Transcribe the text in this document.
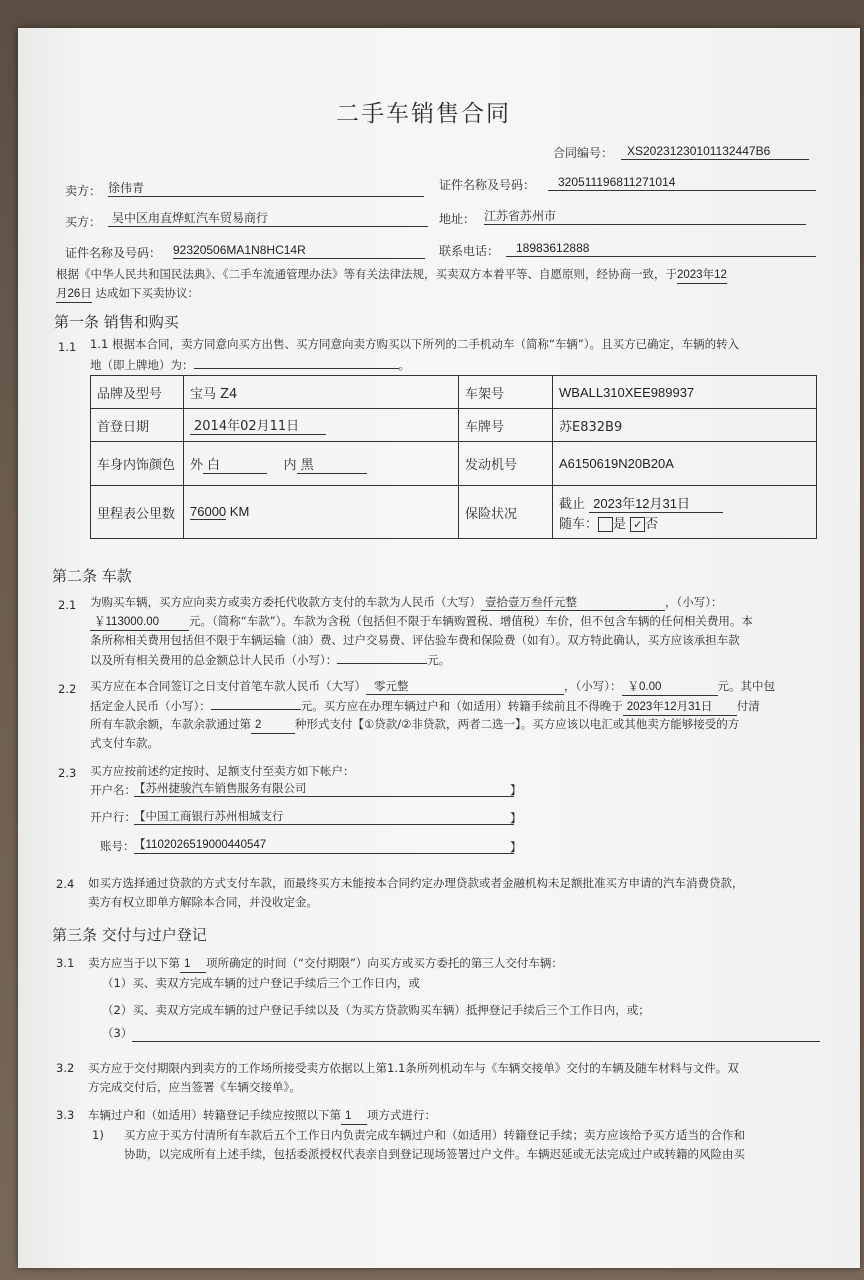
二手车销售合同
合同编号：	XS20231230101132447B6
卖方： 徐伟青	证件名称及号码：	320511196811271014
买方： 吴中区甪直烨虹汽车贸易商行	地址： 江苏省苏州市
证件名称及号码： 92320506MA1N8HC14R	联系电话：	18983612888
根据《中华人民共和国民法典》、《二手车流通管理办法》等有关法律法规，买卖双方本着平等、自愿原则，经协商一致，于2023年12
月26日 达成如下买卖协议：
第一条 销售和购买
1.1 1.1 根据本合同，卖方同意向买方出售、买方同意向卖方购买以下所列的二手机动车（简称“车辆”）。且买方已确定，车辆的转入
地（即上牌地）为：	。
品牌及型号	宝马 Z4	车架号	WBALL310XEE989937
首登日期	2014年02月11日	车牌号	苏E832B9
车身内饰颜色	外 白 内 黑	发动机号	A6150619N20B20A
里程表公里数	76000 KM	保险状况	截止 2023年12月31日
随车： 是 ✓ 否
第二条 车款
2.1 为购买车辆，买方应向卖方或卖方委托代收款方支付的车款为人民币（大写） 壹拾壹万叁仟元整	，（小写）：
￥113000.00	元。（简称“车款”）。车款为含税（包括但不限于车辆购置税、增值税）车价，但不包含车辆的任何相关费用。本
条所称相关费用包括但不限于车辆运输（油）费、过户交易费、评估验车费和保险费（如有）。双方特此确认，买方应该承担车款
以及所有相关费用的总金额总计人民币（小写）：	元。
2.2 买方应在本合同签订之日支付首笔车款人民币（大写） 零元整	，（小写）： ￥0.00	元。其中包
括定金人民币（小写）：	元。买方应在办理车辆过户和（如适用）转籍手续前且不得晚于 2023年12月31日 付清
所有车款余额，车款余款通过第 2	种形式支付【①贷款/②非贷款，两者二选一】。买方应该以电汇或其他卖方能够接受的方
式支付车款。
2.3 买方应按前述约定按时、足额支付至卖方如下帐户：
开户名：
【苏州捷骏汽车销售服务有限公司	】
开户行：
【中国工商银行苏州相城支行	】
账号： 【1102026519000440547	】
2.4 如买方选择通过贷款的方式支付车款，而最终买方未能按本合同约定办理贷款或者金融机构未足额批准买方申请的汽车消费贷款，
卖方有权立即单方解除本合同，并没收定金。
第三条 交付与过户登记
3.1 卖方应当于以下第 1 项所确定的时间（“交付期限”）向买方或买方委托的第三人交付车辆：
（1）买、卖双方完成车辆的过户登记手续后三个工作日内，或
（2）买、卖双方完成车辆的过户登记手续以及（为买方贷款购买车辆）抵押登记手续后三个工作日内，或；
（3）
3.2 买方应于交付期限内到卖方的工作场所接受卖方依据以上第1.1条所列机动车与《车辆交接单》交付的车辆及随车材料与文件。双
方完成交付后，应当签署《车辆交接单》。
3.3 车辆过户和（如适用）转籍登记手续应按照以下第 1 项方式进行：
1) 买方应于买方付清所有车款后五个工作日内负责完成车辆过户和（如适用）转籍登记手续；卖方应该给予买方适当的合作和
协助，以完成所有上述手续，包括委派授权代表亲自到登记现场签署过户文件。车辆迟延或无法完成过户或转籍的风险由买
